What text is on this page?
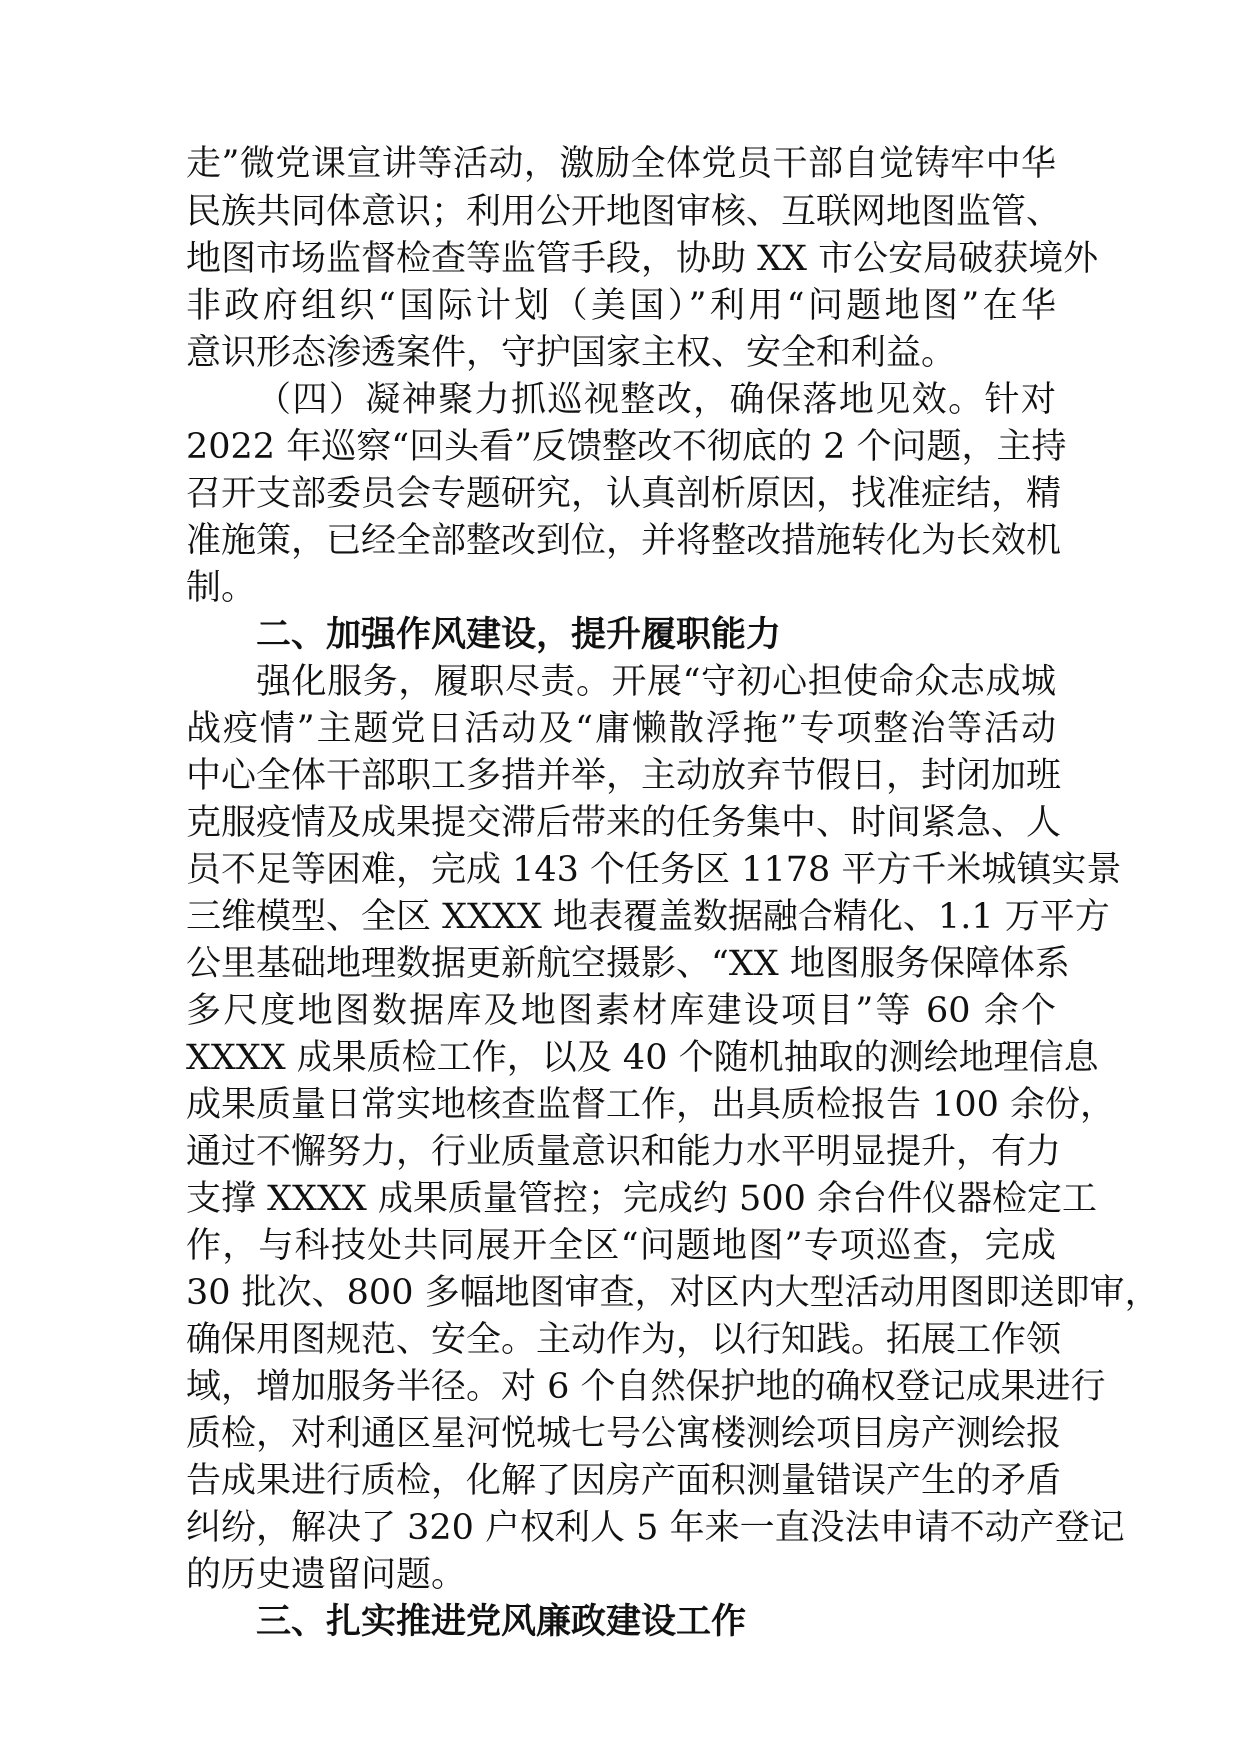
走”微党课宣讲等活动，激励全体党员干部自觉铸牢中华
民族共同体意识；利用公开地图审核、互联网地图监管、
地图市场监督检查等监管手段，协助 XX 市公安局破获境外
非政府组织“国际计划（美国）”利用“问题地图”在华
意识形态渗透案件，守护国家主权、安全和利益。
（四）凝神聚力抓巡视整改，确保落地见效。针对
2022 年巡察“回头看”反馈整改不彻底的 2 个问题，主持
召开支部委员会专题研究，认真剖析原因，找准症结，精
准施策，已经全部整改到位，并将整改措施转化为长效机
制。
二、加强作风建设，提升履职能力
强化服务，履职尽责。开展“守初心担使命众志成城
战疫情”主题党日活动及“庸懒散浮拖”专项整治等活动
中心全体干部职工多措并举，主动放弃节假日，封闭加班
克服疫情及成果提交滞后带来的任务集中、时间紧急、人
员不足等困难，完成 143 个任务区 1178 平方千米城镇实景
三维模型、全区 XXXX 地表覆盖数据融合精化、1.1 万平方
公里基础地理数据更新航空摄影、“XX 地图服务保障体系
多尺度地图数据库及地图素材库建设项目”等 60 余个
XXXX 成果质检工作，以及 40 个随机抽取的测绘地理信息
成果质量日常实地核查监督工作，出具质检报告 100 余份，
通过不懈努力，行业质量意识和能力水平明显提升，有力
支撑 XXXX 成果质量管控；完成约 500 余台件仪器检定工
作，与科技处共同展开全区“问题地图”专项巡查，完成
30 批次、800 多幅地图审查，对区内大型活动用图即送即审，
确保用图规范、安全。主动作为，以行知践。拓展工作领
域，增加服务半径。对 6 个自然保护地的确权登记成果进行
质检，对利通区星河悦城七号公寓楼测绘项目房产测绘报
告成果进行质检，化解了因房产面积测量错误产生的矛盾
纠纷，解决了 320 户权利人 5 年来一直没法申请不动产登记
的历史遗留问题。
三、扎实推进党风廉政建设工作
